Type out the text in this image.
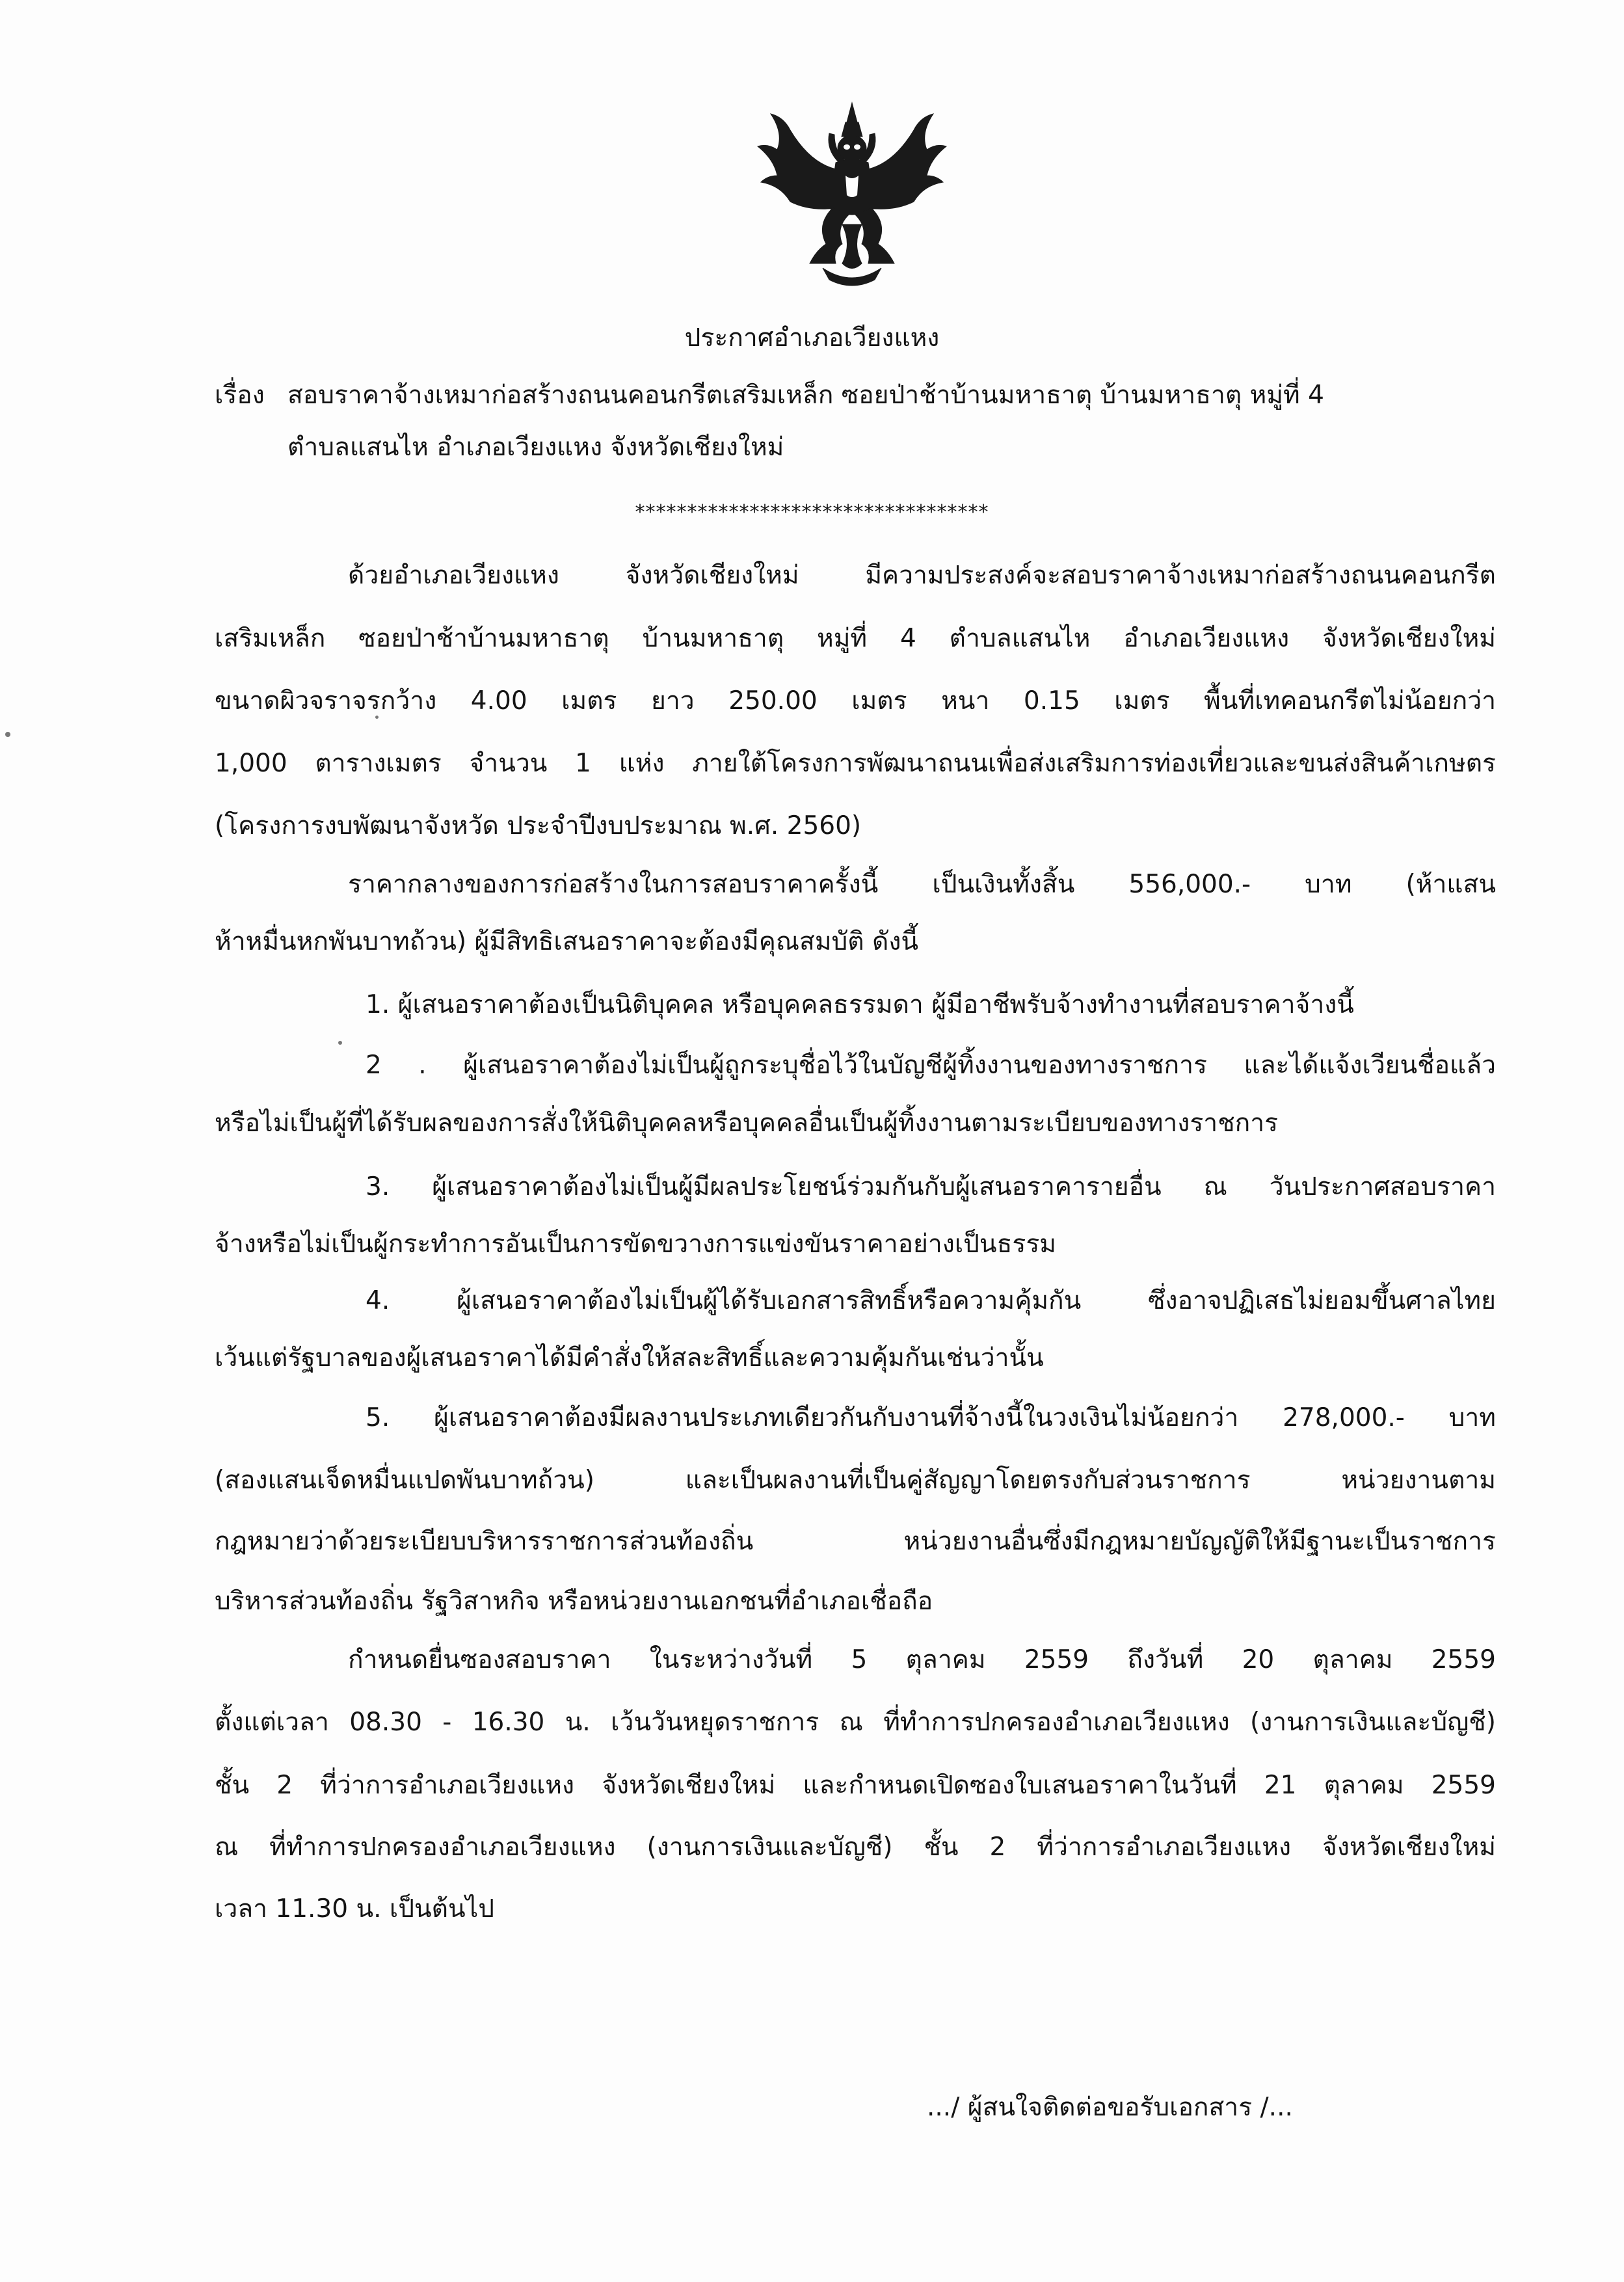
ประกาศอำเภอเวียงแหง
เรื่อง สอบราคาจ้างเหมาก่อสร้างถนนคอนกรีตเสริมเหล็ก ซอยป่าช้าบ้านมหาธาตุ บ้านมหาธาตุ หมู่ที่ 4
ตำบลแสนไห อำเภอเวียงแหง จังหวัดเชียงใหม่
**********************************
ด้วยอำเภอเวียงแหง จังหวัดเชียงใหม่ มีความประสงค์จะสอบราคาจ้างเหมาก่อสร้างถนนคอนกรีต
เสริมเหล็ก ซอยป่าช้าบ้านมหาธาตุ บ้านมหาธาตุ หมู่ที่ 4 ตำบลแสนไห อำเภอเวียงแหง จังหวัดเชียงใหม่
ขนาดผิวจราจรกว้าง 4.00 เมตร ยาว 250.00 เมตร หนา 0.15 เมตร พื้นที่เทคอนกรีตไม่น้อยกว่า
1,000 ตารางเมตร จำนวน 1 แห่ง ภายใต้โครงการพัฒนาถนนเพื่อส่งเสริมการท่องเที่ยวและขนส่งสินค้าเกษตร
(โครงการงบพัฒนาจังหวัด ประจำปีงบประมาณ พ.ศ. 2560)
ราคากลางของการก่อสร้างในการสอบราคาครั้งนี้ เป็นเงินทั้งสิ้น 556,000.- บาท (ห้าแสน
ห้าหมื่นหกพันบาทถ้วน) ผู้มีสิทธิเสนอราคาจะต้องมีคุณสมบัติ ดังนี้
1. ผู้เสนอราคาต้องเป็นนิติบุคคล หรือบุคคลธรรมดา ผู้มีอาชีพรับจ้างทำงานที่สอบราคาจ้างนี้
2 . ผู้เสนอราคาต้องไม่เป็นผู้ถูกระบุชื่อไว้ในบัญชีผู้ทิ้งงานของทางราชการ และได้แจ้งเวียนชื่อแล้ว
หรือไม่เป็นผู้ที่ได้รับผลของการสั่งให้นิติบุคคลหรือบุคคลอื่นเป็นผู้ทิ้งงานตามระเบียบของทางราชการ
3. ผู้เสนอราคาต้องไม่เป็นผู้มีผลประโยชน์ร่วมกันกับผู้เสนอราคารายอื่น ณ วันประกาศสอบราคา
จ้างหรือไม่เป็นผู้กระทำการอันเป็นการขัดขวางการแข่งขันราคาอย่างเป็นธรรม
4. ผู้เสนอราคาต้องไม่เป็นผู้ได้รับเอกสารสิทธิ์หรือความคุ้มกัน ซึ่งอาจปฏิเสธไม่ยอมขึ้นศาลไทย
เว้นแต่รัฐบาลของผู้เสนอราคาได้มีคำสั่งให้สละสิทธิ์และความคุ้มกันเช่นว่านั้น
5. ผู้เสนอราคาต้องมีผลงานประเภทเดียวกันกับงานที่จ้างนี้ในวงเงินไม่น้อยกว่า 278,000.- บาท
(สองแสนเจ็ดหมื่นแปดพันบาทถ้วน) และเป็นผลงานที่เป็นคู่สัญญาโดยตรงกับส่วนราชการ หน่วยงานตาม
กฎหมายว่าด้วยระเบียบบริหารราชการส่วนท้องถิ่น หน่วยงานอื่นซึ่งมีกฎหมายบัญญัติให้มีฐานะเป็นราชการ
บริหารส่วนท้องถิ่น รัฐวิสาหกิจ หรือหน่วยงานเอกชนที่อำเภอเชื่อถือ
กำหนดยื่นซองสอบราคา ในระหว่างวันที่ 5 ตุลาคม 2559 ถึงวันที่ 20 ตุลาคม 2559
ตั้งแต่เวลา 08.30 - 16.30 น. เว้นวันหยุดราชการ ณ ที่ทำการปกครองอำเภอเวียงแหง (งานการเงินและบัญชี)
ชั้น 2 ที่ว่าการอำเภอเวียงแหง จังหวัดเชียงใหม่ และกำหนดเปิดซองใบเสนอราคาในวันที่ 21 ตุลาคม 2559
ณ ที่ทำการปกครองอำเภอเวียงแหง (งานการเงินและบัญชี) ชั้น 2 ที่ว่าการอำเภอเวียงแหง จังหวัดเชียงใหม่
เวลา 11.30 น. เป็นต้นไป
.../ ผู้สนใจติดต่อขอรับเอกสาร /...
